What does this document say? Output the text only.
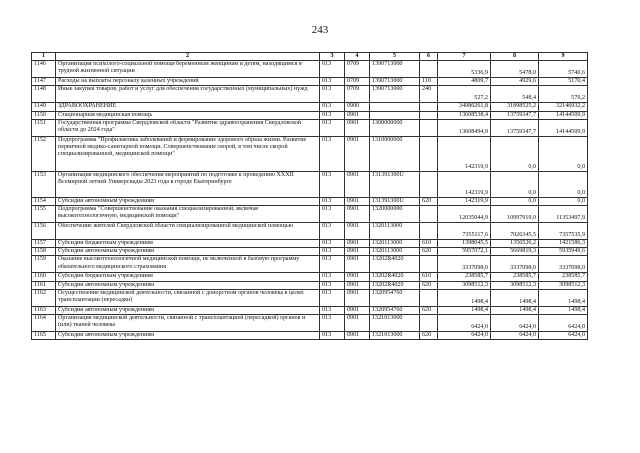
243
1	2	3	4	5	6	7	8	9
1146	Организация психолого-социальной помощи беременным женщинам и детям, находящимся в трудной жизненной ситуации	013	0709	1390713000		5336,9	5478,0	5740,6
1147	Расходы на выплаты персоналу казенных учреждений	013	0709	1390713000	110	4809,7	4929,6	5170,4
1148	Иные закупки товаров, работ и услуг для обеспечения государственных (муниципальных) нужд	013	0709	1390713000	240	527,2	548,4	570,2
1149	ЗДРАВООХРАНЕНИЕ	013	0900			34986261,8	31898525,2	32146932,2
1150	Стационарная медицинская помощь	013	0901			13608538,4	13759347,7	14144509,9
1151	Государственная программа Свердловской области "Развитие здравоохранения Свердловской области до 2024 года"	013	0901	1300000000		13608494,9	13759347,7	14144509,9
1152	Подпрограмма "Профилактика заболеваний и формирование здорового образа жизни. Развитие первичной медико-санитарной помощи. Совершенствование скорой, в том числе скорой специализированной, медицинской помощи"	013	0901	1310000000		142319,9	0,0	0,0
1153	Организация медицинского обеспечения мероприятий по подготовке к проведению XXXII Всемирной летней Универсиады 2023 года в городе Екатеринбурге	013	0901	131391300U		142319,9	0,0	0,0
1154	Субсидии автономным учреждениям	013	0901	131391300U	620	142319,9	0,0	0,0
1155	Подпрограмма "Совершенствование оказания специализированной, включая высокотехнологичную, медицинской помощи"	013	0901	1320000000		12035044,9	10997919,0	11353497,9
1156	Обеспечение жителей Свердловской области специализированной медицинской помощью	013	0901	1320113000		7355117,6	7026345,5	7357535,9
1157	Субсидии бюджетным учреждениям	013	0901	1320113000	610	1398045,5	1356526,2	1421586,3
1158	Субсидии автономным учреждениям	013	0901	1320113000	620	5957072,1	5669819,3	5935949,6
1159	Оказание высокотехнологичной медицинской помощи, не включенной в базовую программу обязательного медицинского страхования	013	0901	13202R4020		3337098,0	3337098,0	3337098,0
1160	Субсидии бюджетным учреждениям	013	0901	13202R4020	610	238585,7	238585,7	238585,7
1161	Субсидии автономным учреждениям	013	0901	13202R4020	620	3098512,3	3098512,3	3098512,3
1162	Осуществление медицинской деятельности, связанной с донорством органов человека в целях трансплантации (пересадки)	013	0901	1320954760		1498,4	1498,4	1498,4
1163	Субсидии автономным учреждениям	013	0901	1320954760	620	1498,4	1498,4	1498,4
1164	Организация медицинской деятельности, связанной с трансплантацией (пересадкой) органов и (или) тканей человека	013	0901	1321013000		6424,0	6424,0	6424,0
1165	Субсидии автономным учреждениям	013	0901	1321013000	620	6424,0	6424,0	6424,0
